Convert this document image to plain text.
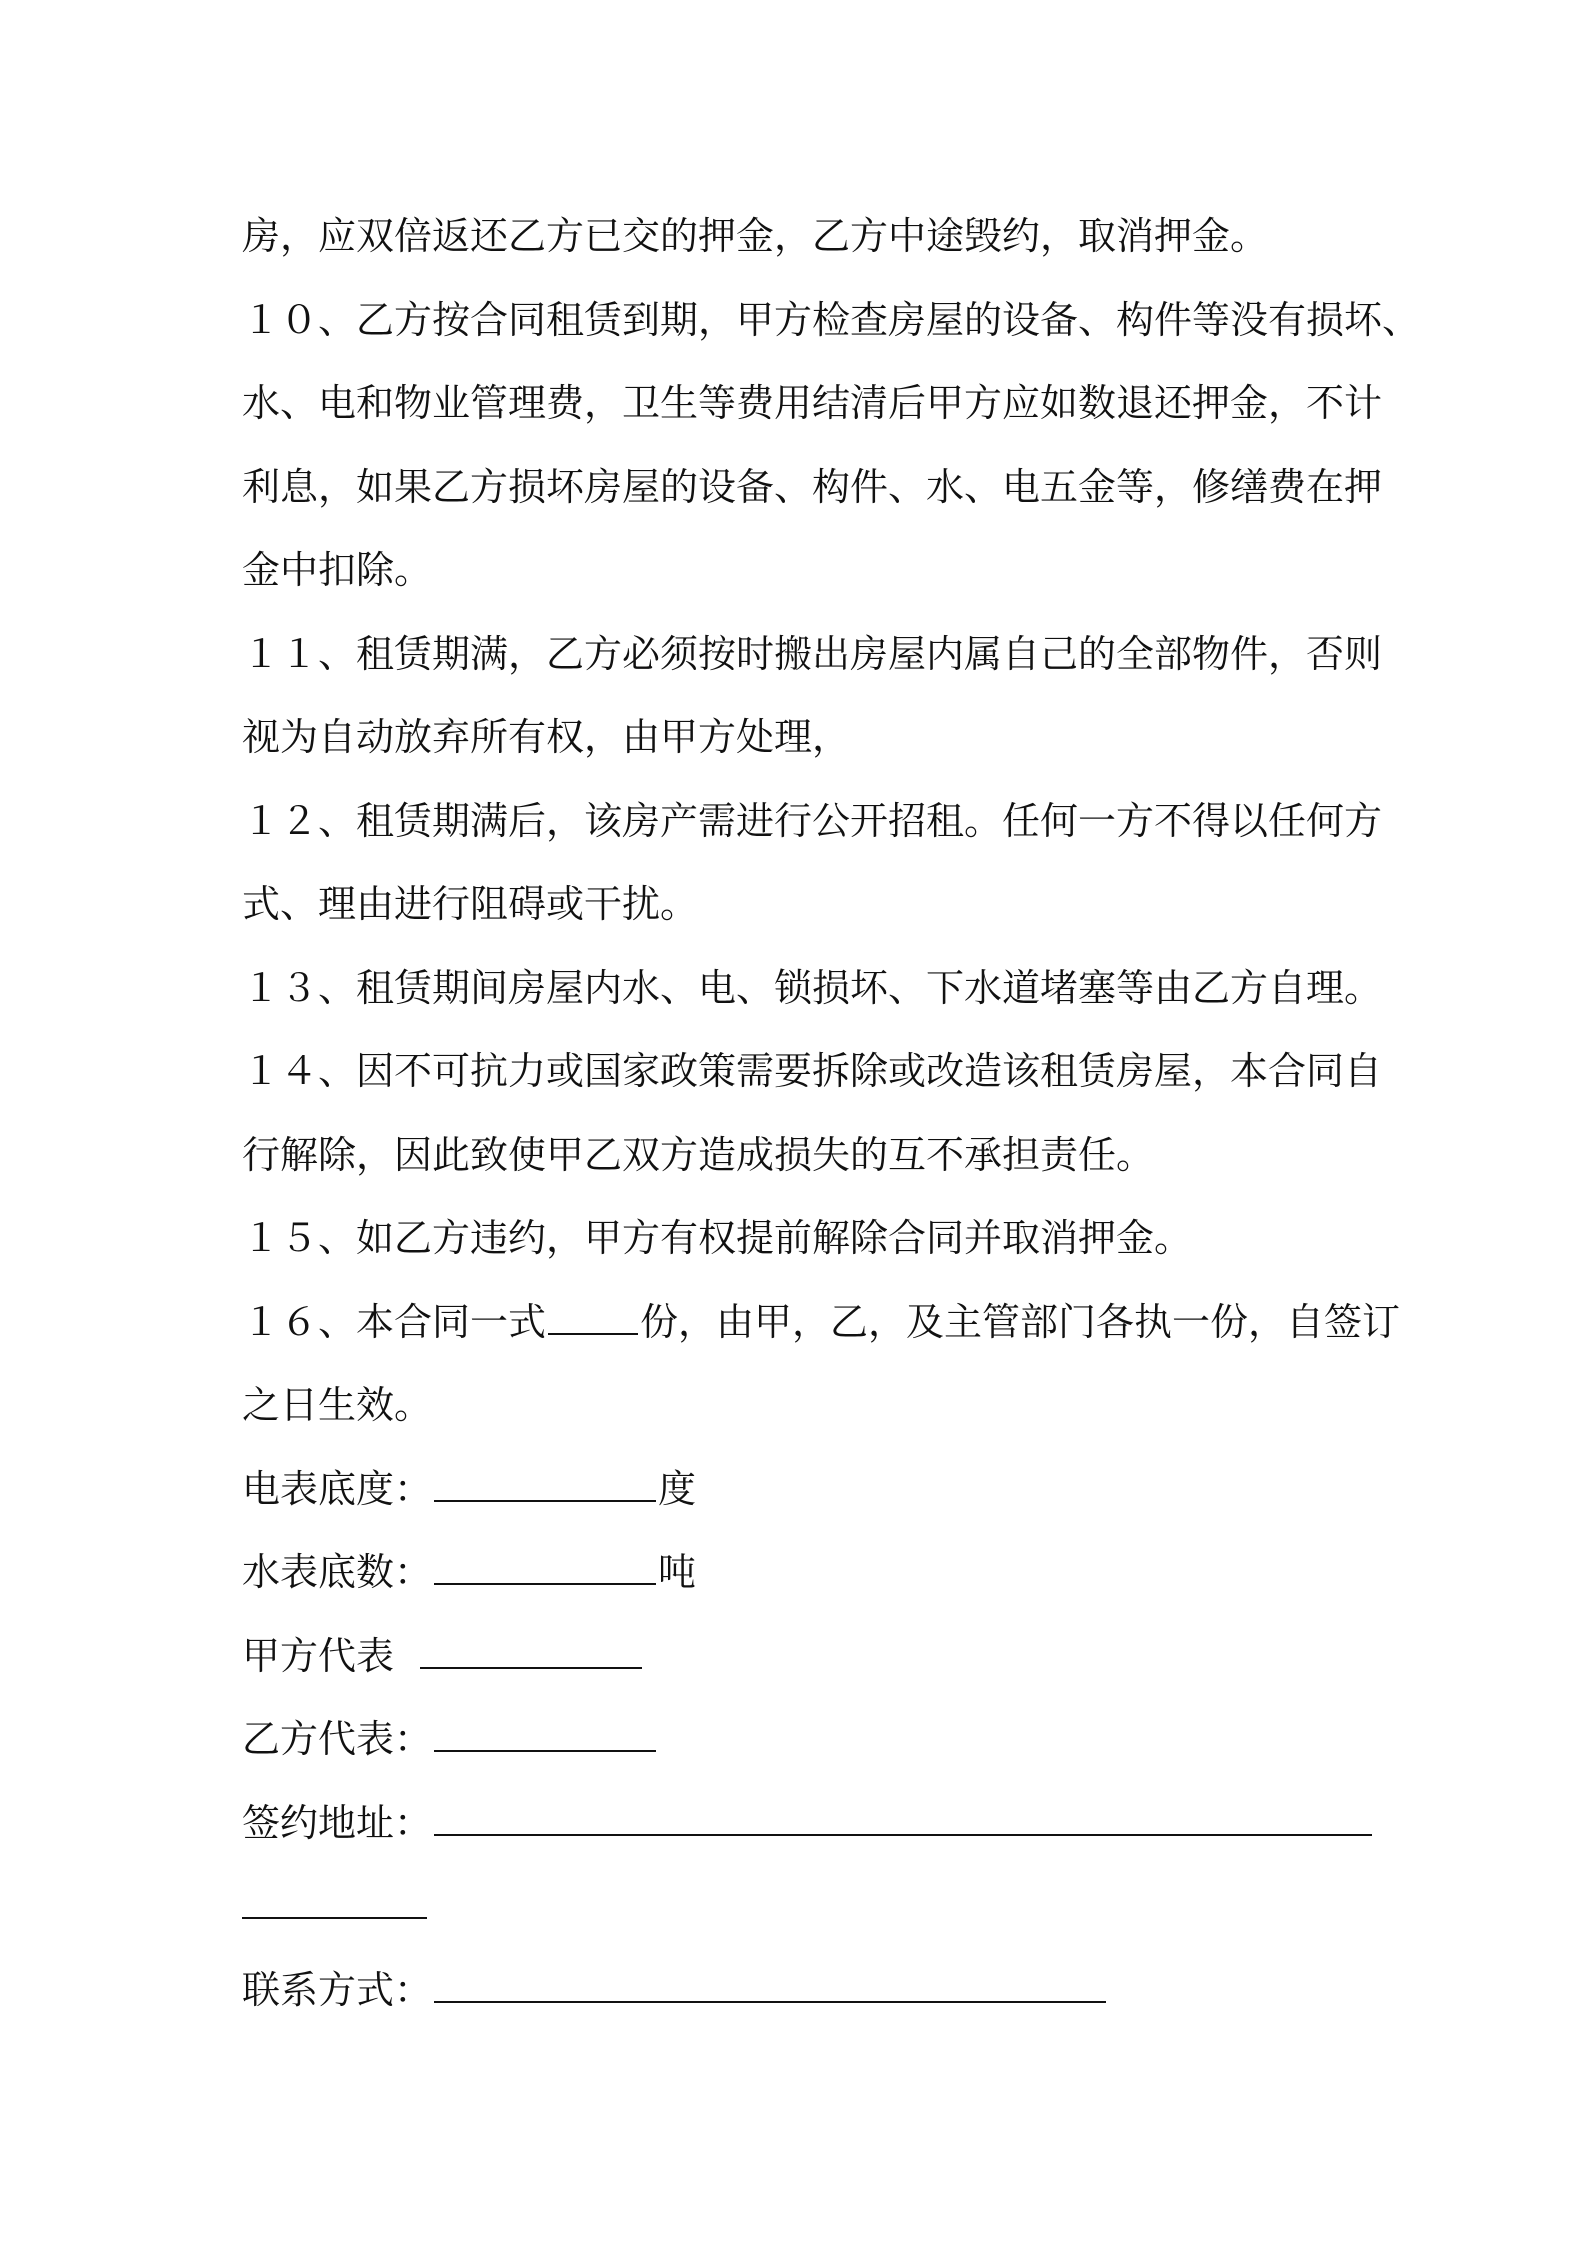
房，应双倍返还乙方已交的押金，乙方中途毁约，取消押金。
１０、乙方按合同租赁到期，甲方检查房屋的设备、构件等没有损坏、
水、电和物业管理费，卫生等费用结清后甲方应如数退还押金，不计
利息，如果乙方损坏房屋的设备、构件、水、电五金等，修缮费在押
金中扣除。
１１、租赁期满，乙方必须按时搬出房屋内属自己的全部物件，否则
视为自动放弃所有权，由甲方处理，
１２、租赁期满后，该房产需进行公开招租。任何一方不得以任何方
式、理由进行阻碍或干扰。
１３、租赁期间房屋内水、电、锁损坏、下水道堵塞等由乙方自理。
１４、因不可抗力或国家政策需要拆除或改造该租赁房屋，本合同自
行解除，因此致使甲乙双方造成损失的互不承担责任。
１５、如乙方违约，甲方有权提前解除合同并取消押金。
１６、本合同一式 份，由甲，乙，及主管部门各执一份，自签订
之日生效。
电表底度：	度
水表底数：	吨
甲方代表
乙方代表：
签约地址：
联系方式：
